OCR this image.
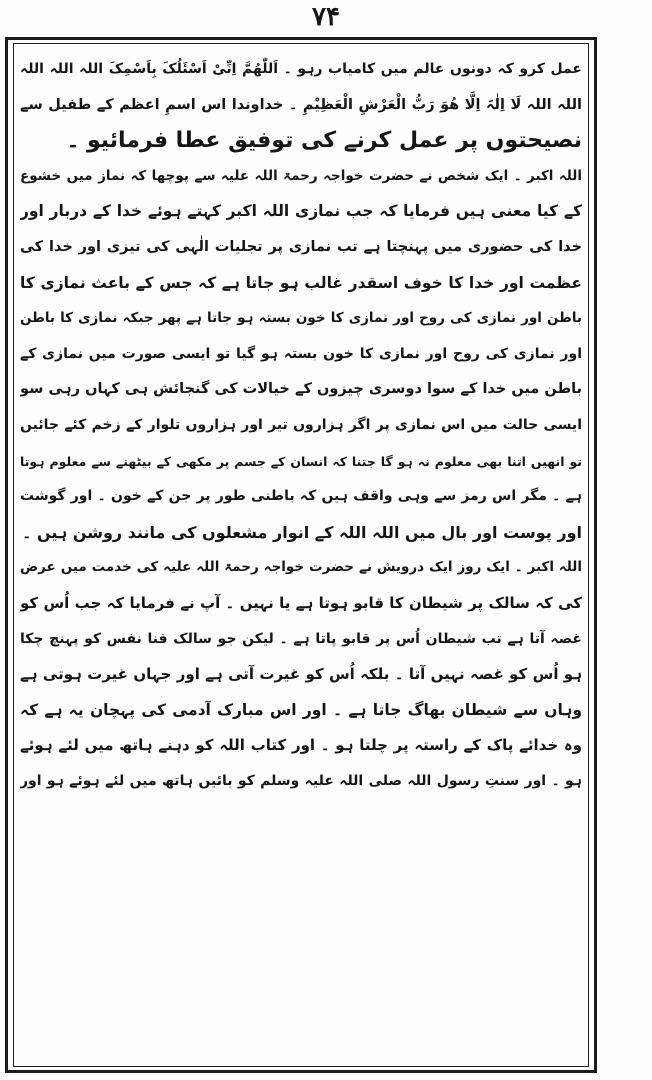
۷۴
عمل کرو کہ دونوں عالم میں کامیاب رہو ۔ اَللّٰھُمَّ اِنِّیْ اَسْئَلُکَ بِاَسْمِکَ اللہ اللہ اللہ
اللہ اللہ لَا اِلٰہَ اِلَّا ھُوَ رَبُّ الْعَرْشِ الْعَظِیْمِ ۔ خداوندا اس اسمِ اعظم کے طفیل سے
نصیحتوں پر عمل کرنے کی توفیق عطا فرمائیو ۔
اللہ اکبر ۔ ایک شخص نے حضرت خواجہ رحمۃ اللہ علیہ سے پوچھا کہ نماز میں خشوع
کے کیا معنی ہیں فرمایا کہ جب نمازی اللہ اکبر کہتے ہوئے خدا کے دربار اور
خدا کی حضوری میں پہنچتا ہے تب نمازی پر تجلیات الٰہی کی تیزی اور خدا کی
عظمت اور خدا کا خوف اسقدر غالب ہو جاتا ہے کہ جس کے باعث نمازی کا
باطن اور نمازی کی روح اور نمازی کا خون بستہ ہو جاتا ہے پھر جبکہ نمازی کا باطن
اور نمازی کی روح اور نمازی کا خون بستہ ہو گیا تو ایسی صورت میں نمازی کے
باطن میں خدا کے سوا دوسری چیزوں کے خیالات کی گنجائش ہی کہاں رہی سو
ایسی حالت میں اس نمازی پر اگر ہزاروں تیر اور ہزاروں تلوار کے زخم کئے جائیں
تو انھیں اتنا بھی معلوم نہ ہو گا جتنا کہ انسان کے جسم پر مکھی کے بیٹھنے سے معلوم ہوتا
ہے ۔ مگر اس رمز سے وہی واقف ہیں کہ باطنی طور پر جن کے خون ۔ اور گوشت
اور پوست اور بال میں اللہ اللہ کے انوار مشعلوں کی مانند روشن ہیں ۔
اللہ اکبر ۔ ایک روز ایک درویش نے حضرت خواجہ رحمۃ اللہ علیہ کی خدمت میں عرض
کی کہ سالک پر شیطان کا قابو ہوتا ہے یا نہیں ۔ آپ نے فرمایا کہ جب اُس کو
غصہ آتا ہے تب شیطان اُس پر قابو پاتا ہے ۔ لیکن جو سالک فنا نفس کو پہنچ چکا
ہو اُس کو غصہ نہیں آتا ۔ بلکہ اُس کو غیرت آتی ہے اور جہاں غیرت ہوتی ہے
وہاں سے شیطان بھاگ جاتا ہے ۔ اور اس مبارک آدمی کی پہچان یہ ہے کہ
وہ خدائے پاک کے راستہ پر چلتا ہو ۔ اور کتاب اللہ کو دہنے ہاتھ میں لئے ہوئے
ہو ۔ اور سنتِ رسول اللہ صلی اللہ علیہ وسلم کو بائیں ہاتھ میں لئے ہوئے ہو اور
